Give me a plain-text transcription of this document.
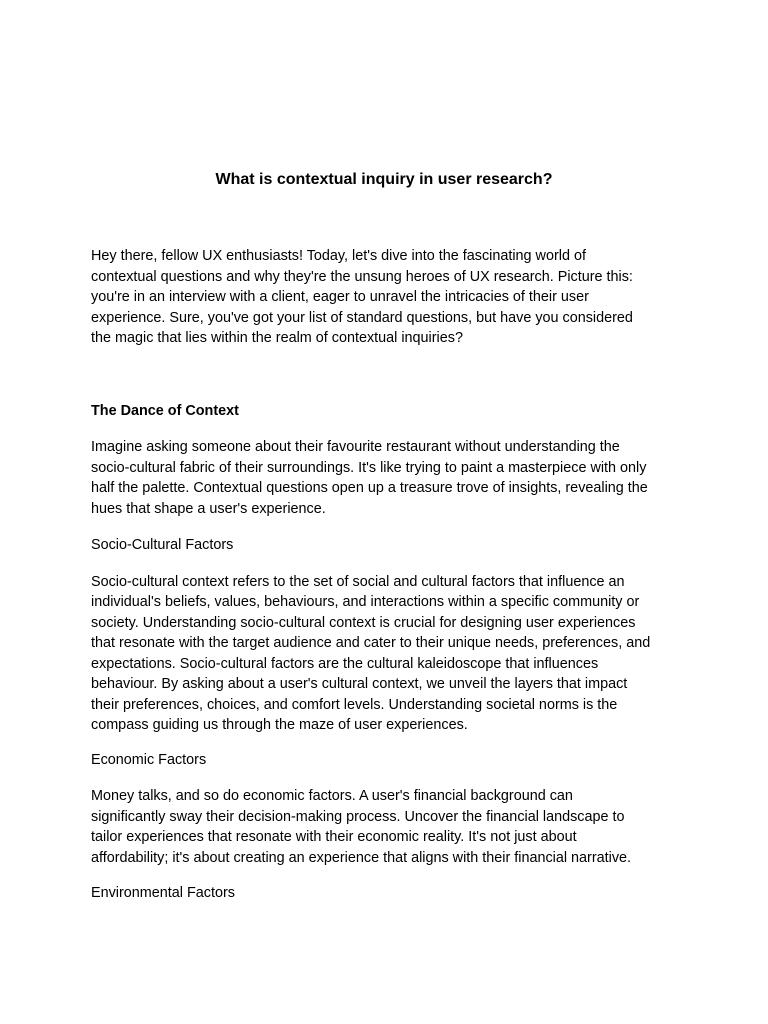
What is contextual inquiry in user research?

Hey there, fellow UX enthusiasts! Today, let's dive into the fascinating world of

contextual questions and why they're the unsung heroes of UX research. Picture this:

you're in an interview with a client, eager to unravel the intricacies of their user

experience. Sure, you've got your list of standard questions, but have you considered

the magic that lies within the realm of contextual inquiries?

The Dance of Context

Imagine asking someone about their favourite restaurant without understanding the

socio-cultural fabric of their surroundings. It's like trying to paint a masterpiece with only

half the palette. Contextual questions open up a treasure trove of insights, revealing the

hues that shape a user's experience.

Socio-Cultural Factors

Socio-cultural context refers to the set of social and cultural factors that influence an

individual's beliefs, values, behaviours, and interactions within a specific community or

society. Understanding socio-cultural context is crucial for designing user experiences

that resonate with the target audience and cater to their unique needs, preferences, and

expectations. Socio-cultural factors are the cultural kaleidoscope that influences

behaviour. By asking about a user's cultural context, we unveil the layers that impact

their preferences, choices, and comfort levels. Understanding societal norms is the

compass guiding us through the maze of user experiences.

Economic Factors

Money talks, and so do economic factors. A user's financial background can

significantly sway their decision-making process. Uncover the financial landscape to

tailor experiences that resonate with their economic reality. It's not just about

affordability; it's about creating an experience that aligns with their financial narrative.

Environmental Factors
